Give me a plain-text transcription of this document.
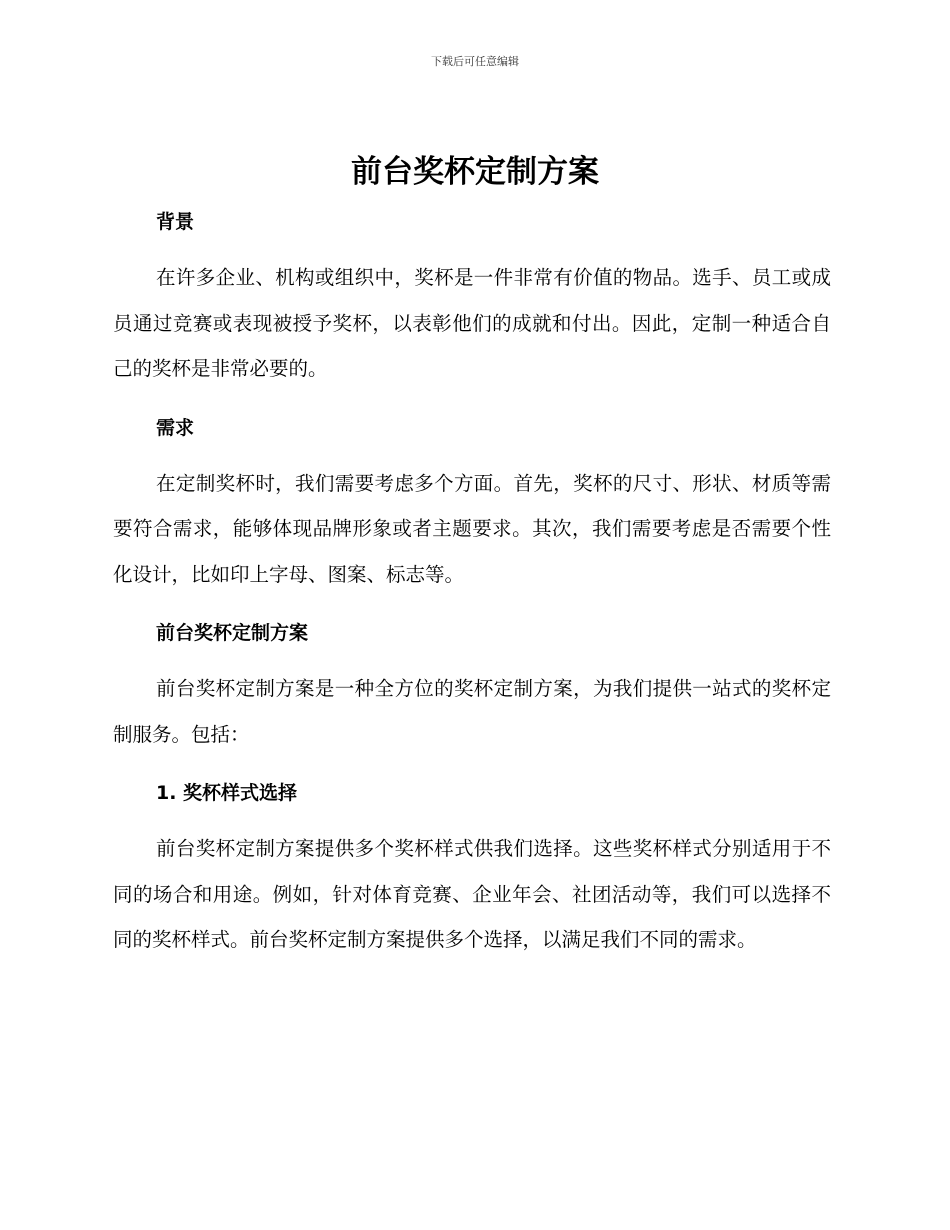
下载后可任意编辑
前台奖杯定制方案
背景

在许多企业、机构或组织中，奖杯是一件非常有价值的物品。选手、员工或成员通过竞赛或表现被授予奖杯，以表彰他们的成就和付出。因此，定制一种适合自己的奖杯是非常必要的。

需求

在定制奖杯时，我们需要考虑多个方面。首先，奖杯的尺寸、形状、材质等需要符合需求，能够体现品牌形象或者主题要求。其次，我们需要考虑是否需要个性化设计，比如印上字母、图案、标志等。

前台奖杯定制方案

前台奖杯定制方案是一种全方位的奖杯定制方案，为我们提供一站式的奖杯定制服务。包括：

1. 奖杯样式选择

前台奖杯定制方案提供多个奖杯样式供我们选择。这些奖杯样式分别适用于不同的场合和用途。例如，针对体育竞赛、企业年会、社团活动等，我们可以选择不同的奖杯样式。前台奖杯定制方案提供多个选择，以满足我们不同的需求。
